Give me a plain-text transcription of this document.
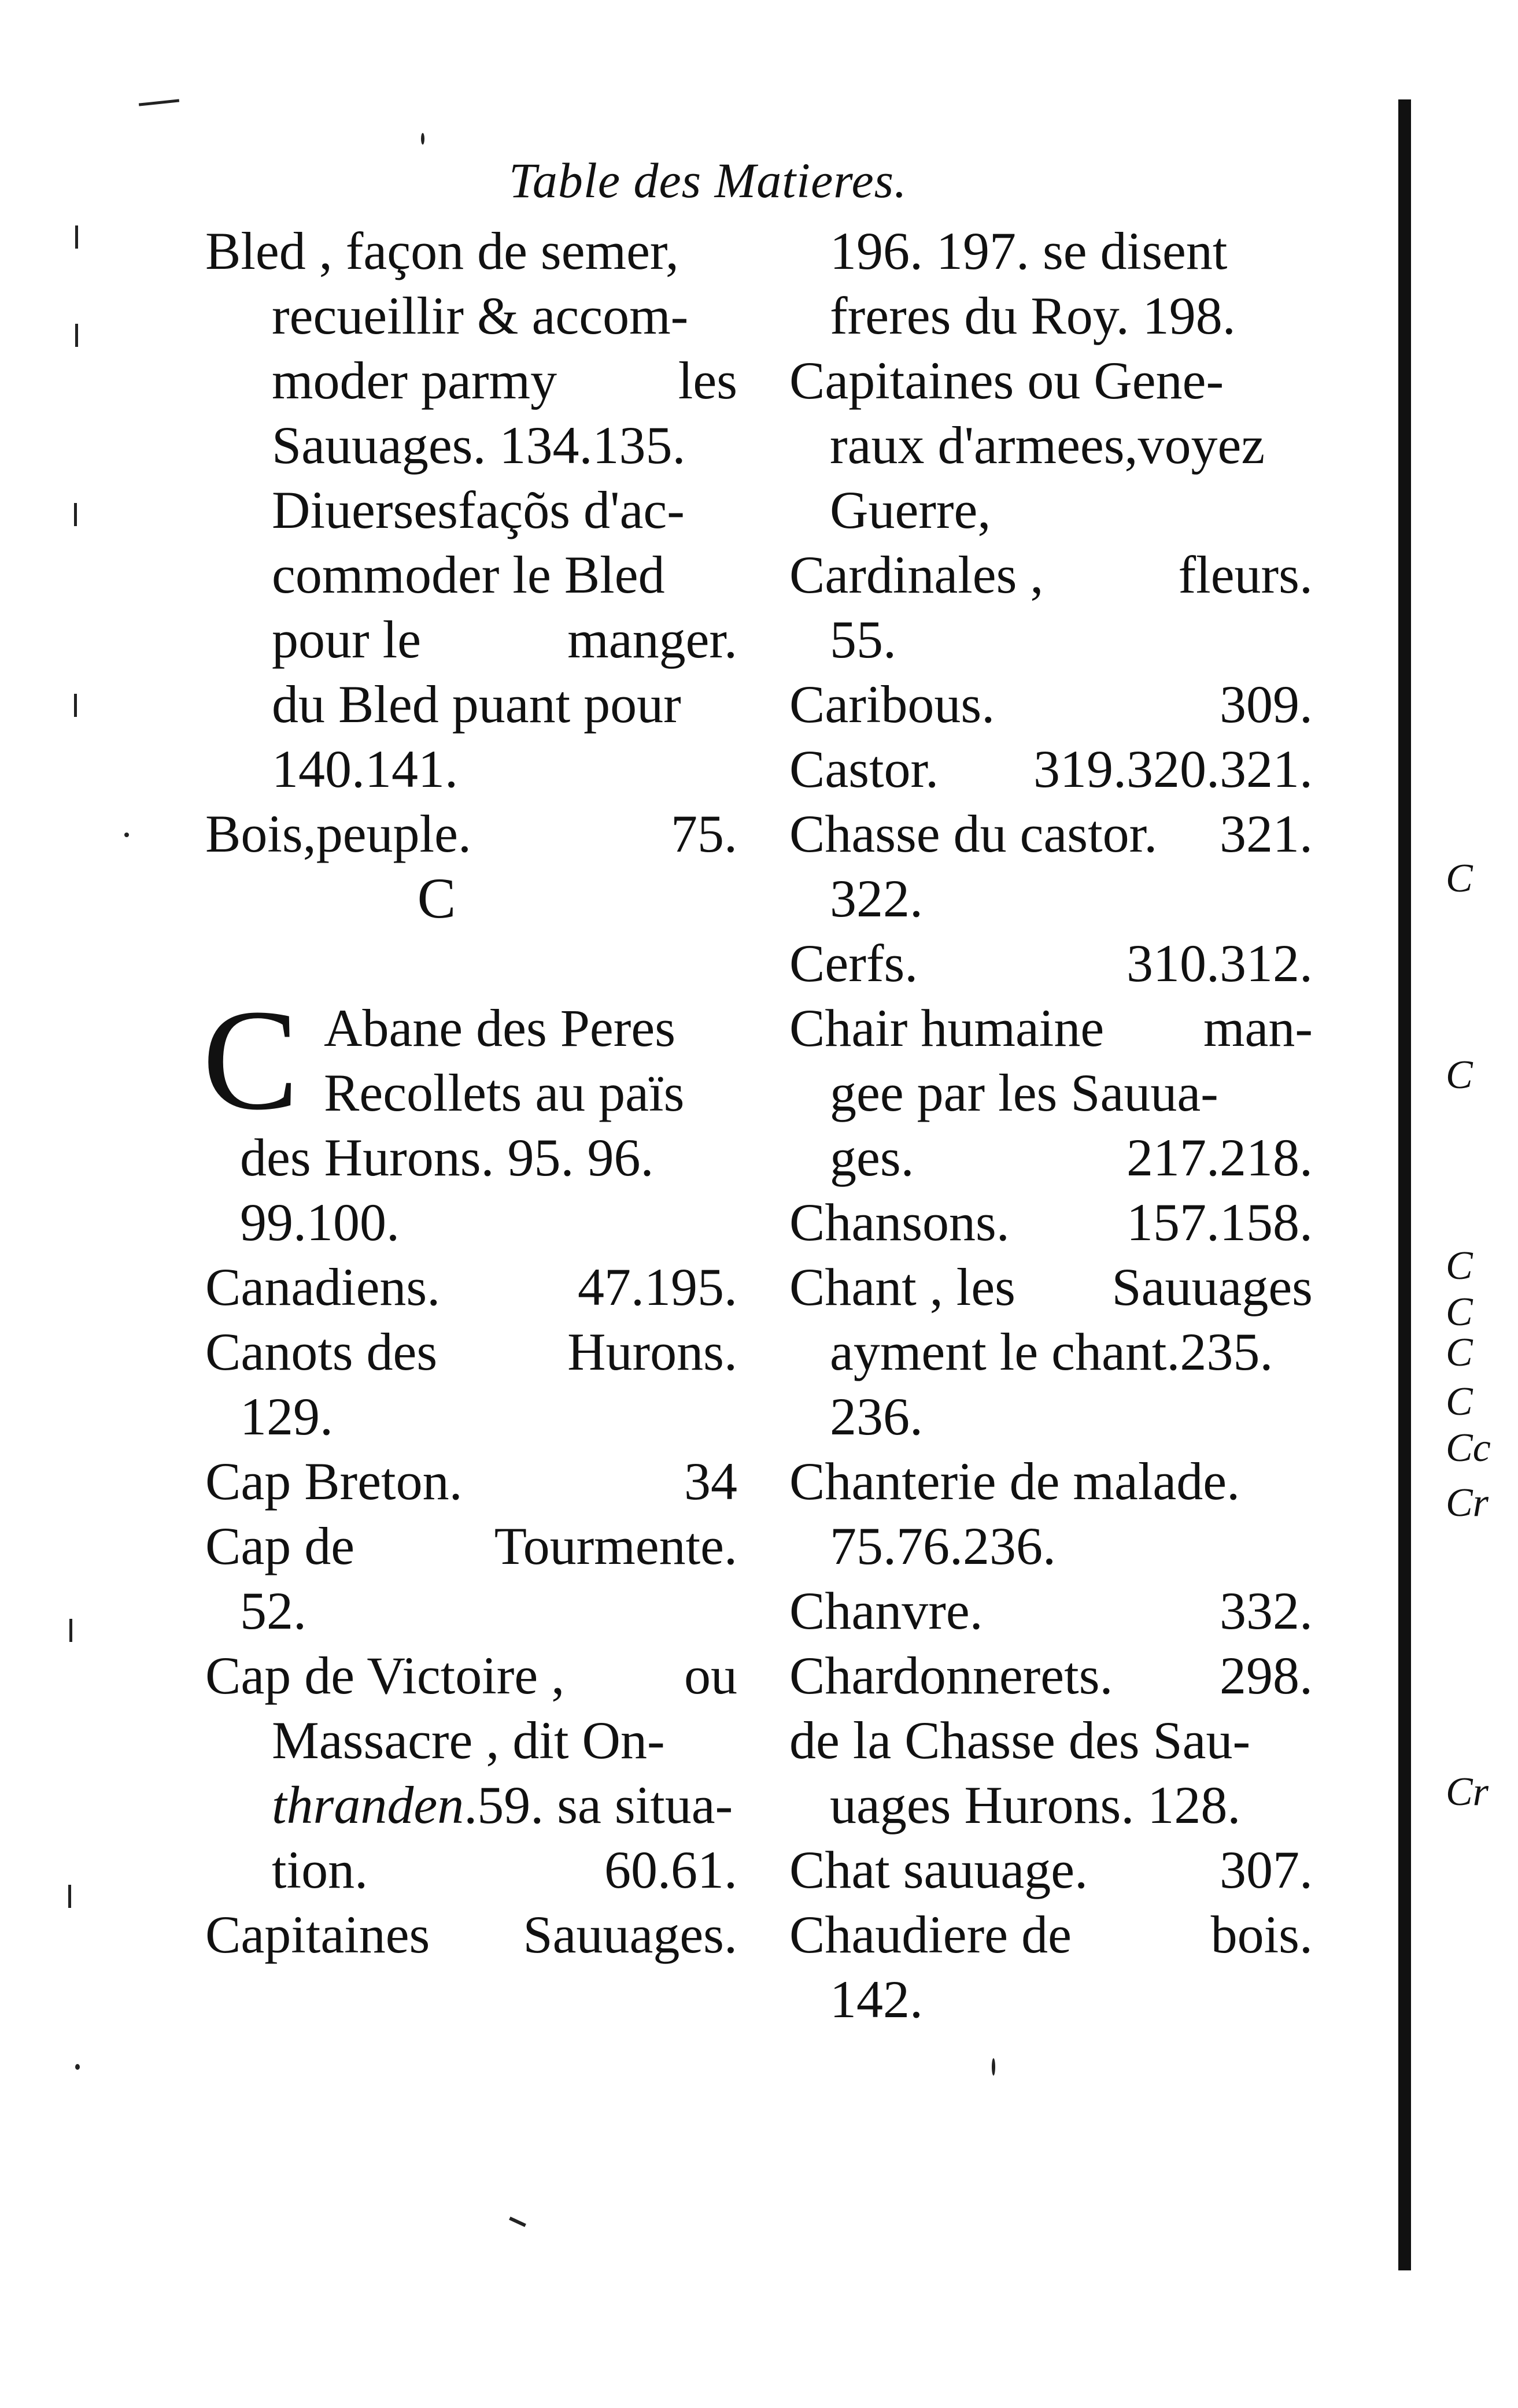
Table des Matieres.
Bled , façon de semer,
recueillir & accom-
moder parmy les
Sauuages. 134.135.
Diuersesfaçõs d'ac-
commoder le Bled
pour le	manger.
du Bled puant pour
140.141.
Bois,peuple.	75.
C
C Abane des Peres
Recollets au païs
des Hurons. 95. 96.
99.100.
Canadiens.	47.195.
Canots des Hurons.
129.
Cap Breton.	34
Cap de	Tourmente.
52.
Cap de Victoire , ou
Massacre , dit On-
thranden.59. sa situa-
tion.	60.61.
Capitaines Sauuages.
196. 197. se disent
freres du Roy. 198.
Capitaines ou Gene-
raux d'armees,voyez
Guerre,
Cardinales ,	fleurs.
55.
Caribous.	309.
Castor. 319.320.321.
Chasse du castor. 321.
322.
Cerfs.	310.312.
Chair humaine man-
gee par les Sauua-
ges.	217.218.
Chansons. 157.158.
Chant , les Sauuages
ayment le chant.235.
236.
Chanterie de malade.
75.76.236.
Chanvre.	332.
Chardonnerets. 298.
de la Chasse des Sau-
uages Hurons. 128.
Chat sauuage. 307.
Chaudiere de	bois.
142.
C
C
C
C
C
C
Cc
Cr
Cr
